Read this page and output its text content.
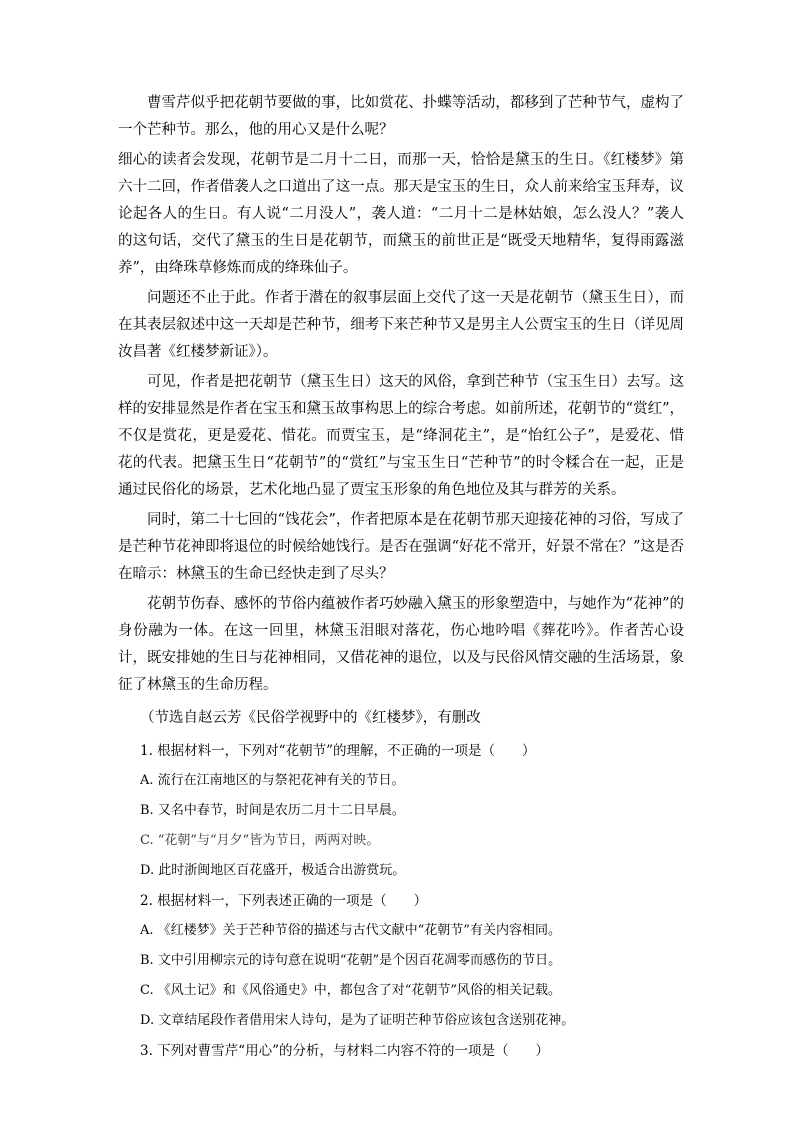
曹雪芹似乎把花朝节要做的事，比如赏花、扑蝶等活动，都移到了芒种节气，虚构了一个芒种节。那么，他的用心又是什么呢？

细心的读者会发现，花朝节是二月十二日，而那一天，恰恰是黛玉的生日。《红楼梦》第六十二回，作者借袭人之口道出了这一点。那天是宝玉的生日，众人前来给宝玉拜寿，议论起各人的生日。有人说“二月没人”，袭人道：“二月十二是林姑娘，怎么没人？”袭人的这句话，交代了黛玉的生日是花朝节，而黛玉的前世正是“既受天地精华，复得雨露滋养”，由绛珠草修炼而成的绛珠仙子。

问题还不止于此。作者于潜在的叙事层面上交代了这一天是花朝节（黛玉生日），而在其表层叙述中这一天却是芒种节，细考下来芒种节又是男主人公贾宝玉的生日（详见周汝昌著《红楼梦新证》）。

可见，作者是把花朝节（黛玉生日）这天的风俗，拿到芒种节（宝玉生日）去写。这样的安排显然是作者在宝玉和黛玉故事构思上的综合考虑。如前所述，花朝节的“赏红”，不仅是赏花，更是爱花、惜花。而贾宝玉，是“绛洞花主”，是“怡红公子”，是爱花、惜花的代表。把黛玉生日“花朝节”的“赏红”与宝玉生日“芒种节”的时令糅合在一起，正是通过民俗化的场景，艺术化地凸显了贾宝玉形象的角色地位及其与群芳的关系。

同时，第二十七回的“饯花会”，作者把原本是在花朝节那天迎接花神的习俗，写成了是芒种节花神即将退位的时候给她饯行。是否在强调“好花不常开，好景不常在？”这是否在暗示：林黛玉的生命已经快走到了尽头？

花朝节伤春、感怀的节俗内蕴被作者巧妙融入黛玉的形象塑造中，与她作为“花神”的身份融为一体。在这一回里，林黛玉泪眼对落花，伤心地吟唱《葬花吟》。作者苦心设计，既安排她的生日与花神相同，又借花神的退位，以及与民俗风情交融的生活场景，象征了林黛玉的生命历程。

（节选自赵云芳《民俗学视野中的《红楼梦》，有删改

1. 根据材料一，下列对“花朝节”的理解，不正确的一项是（　　）

A. 流行在江南地区的与祭祀花神有关的节日。

B. 又名中春节，时间是农历二月十二日早晨。

C. “花朝”与“月夕”皆为节日，两两对映。

D. 此时浙闽地区百花盛开，极适合出游赏玩。

2. 根据材料一，下列表述正确的一项是（　　）

A. 《红楼梦》关于芒种节俗的描述与古代文献中“花朝节”有关内容相同。

B. 文中引用柳宗元的诗句意在说明“花朝”是个因百花凋零而感伤的节日。

C. 《风土记》和《风俗通史》中，都包含了对“花朝节”风俗的相关记载。

D. 文章结尾段作者借用宋人诗句，是为了证明芒种节俗应该包含送别花神。

3. 下列对曹雪芹“用心”的分析，与材料二内容不符的一项是（　　）
